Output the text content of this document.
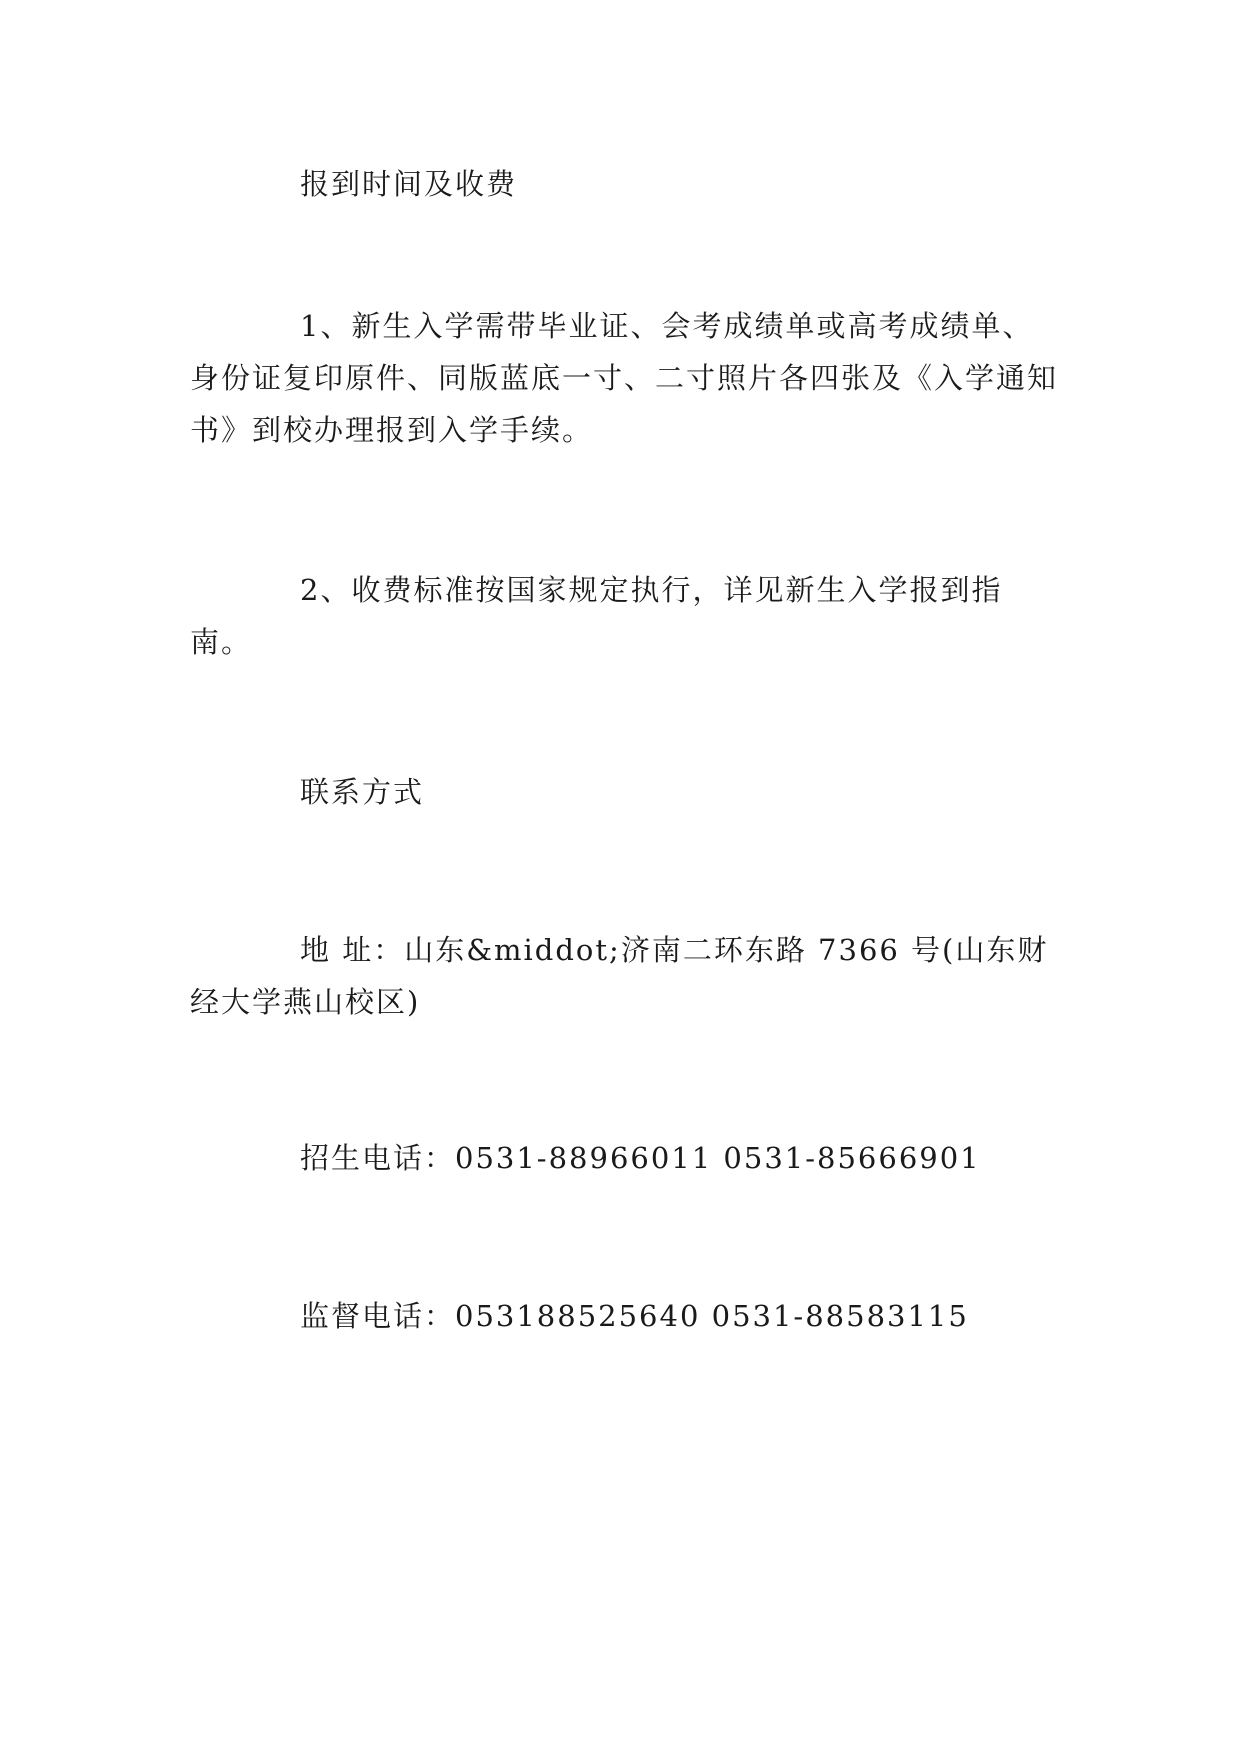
报到时间及收费

1、新生入学需带毕业证、会考成绩单或高考成绩单、身份证复印原件、同版蓝底一寸、二寸照片各四张及《入学通知书》到校办理报到入学手续。

2、收费标准按国家规定执行，详见新生入学报到指南。

联系方式

地 址：山东&middot;济南二环东路 7366 号(山东财经大学燕山校区)

招生电话：0531-88966011 0531-85666901

监督电话：053188525640 0531-88583115
